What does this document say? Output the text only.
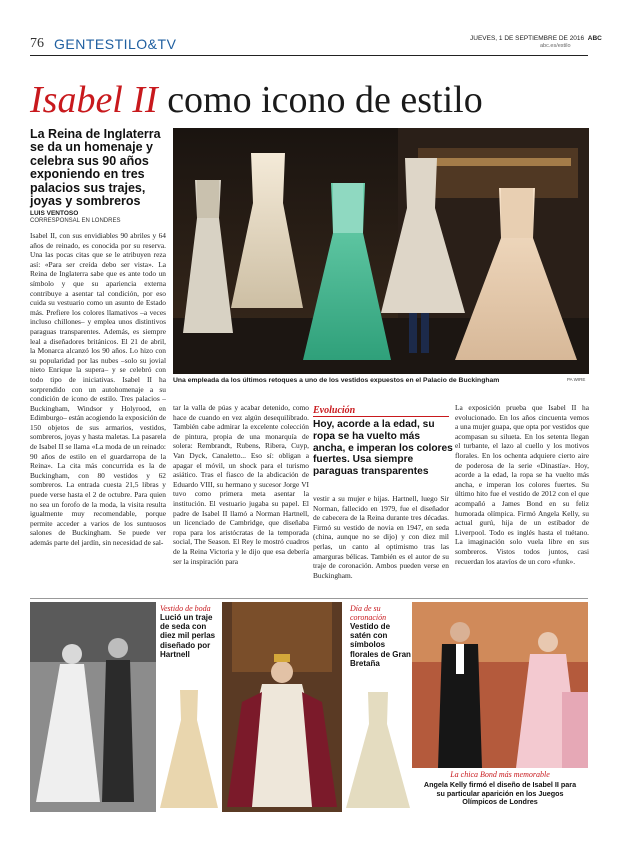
76 GENTESTILO&TV	JUEVES, 1 DE SEPTIEMBRE DE 2016 ABC
abc.es/estilo
Isabel II como icono de estilo
La Reina de Inglaterra se da un homenaje y celebra sus 90 años exponiendo en tres palacios sus trajes, joyas y sombreros
LUIS VENTOSO
CORRESPONSAL EN LONDRES
Una empleada da los últimos retoques a uno de los vestidos expuestos en el Palacio de Buckingham	PA WIRE
Isabel II, con sus envidiables 90 abriles y 64 años de reinado, es conocida por su reserva. Una las pocas citas que se le atribuyen reza así: «Para ser creída debo ser vista». La Reina de Inglaterra sabe que es ante todo un símbolo y que su apariencia externa contribuye a asentar tal condición, por eso cuida su vestuario como un asunto de Estado más. Prefiere los colores llamativos –a veces incluso chillones– y emplea unos distintivos paraguas transparentes. Además, es siempre leal a diseñadores británicos. El 21 de abril, la Monarca alcanzó los 90 años. Lo hizo con su popularidad por las nubes –solo su jovial nieto Enrique la supera– y se celebró con todo tipo de iniciativas. Isabel II ha sorprendido con un autohomenaje a su condición de icono de estilo. Tres palacios –Buckingham, Windsor y Holyrood, en Edimburgo– están acogiendo la exposición de 150 objetos de sus armarios, vestidos, sombreros, joyas y hasta maletas. La pasarela de Isabel II se llama «La moda de un reinado: 90 años de estilo en el guardarropa de la Reina». La cita más concurrida es la de Buckingham, con 80 vestidos y 62 sombreros. La entrada cuesta 21,5 libras y puede verse hasta el 2 de octubre. Para quien no sea un forofo de la moda, la visita resulta igualmente muy recomendable, porque permite acceder a varios de los suntuosos salones de Buckingham. Se puede ver además parte del jardín, sin necesidad de sal-
tar la valla de púas y acabar detenido, como hace de cuando en vez algún desequilibrado. También cabe admirar la excelente colección de pintura, propia de una monarquía de solera: Rembrandt, Rubens, Ribera, Cuyp, Van Dyck, Canaletto... Eso sí: obligan a apagar el móvil, un shock para el turismo asiático. Tras el fiasco de la abdicación de Eduardo VIII, su hermano y sucesor Jorge VI tuvo como primera meta asentar la institución. El vestuario jugaba su papel. El padre de Isabel II llamó a Norman Hartnell, un licenciado de Cambridge, que diseñaba ropa para los aristócratas de la temporada social, The Season. El Rey le mostró cuadros de la Reina Victoria y le dijo que esa debería ser la inspiración para
vestir a su mujer e hijas. Hartnell, luego Sir Norman, fallecido en 1979, fue el diseñador de cabecera de la Reina durante tres décadas. Firmó su vestido de novia en 1947, en seda (china, aunque no se dijo) y con diez mil perlas, un canto al optimismo tras las amarguras bélicas. También es el autor de su traje de coronación. Ambos pueden verse en Buckingham.
La exposición prueba que Isabel II ha evolucionado. En los años cincuenta vemos a una mujer guapa, que opta por vestidos que acompasan su silueta. En los setenta llegan el turbante, el lazo al cuello y los motivos florales. En los ochenta adquiere cierto aire de poderosa de la serie «Dinastía». Hoy, acorde a la edad, la ropa se ha vuelto más ancha, e imperan los colores fuertes. Su último hito fue el vestido de 2012 con el que acompañó a James Bond en su feliz humorada olímpica. Firmó Angela Kelly, su actual gurú, hija de un estibador de Liverpool. Todo es inglés hasta el tuétano. La imaginación solo vuela libre en sus sombreros. Vistos todos juntos, casi recuerdan los atavíos de un coro «funk».
Evolución
Hoy, acorde a la edad, su ropa se ha vuelto más ancha, e imperan los colores fuertes. Usa siempre paraguas transparentes
Vestido de boda
Lució un traje de seda con diez mil perlas diseñado por Hartnell
Día de su coronación
Vestido de satén con símbolos florales de Gran Bretaña
La chica Bond más memorable
Angela Kelly firmó el diseño de Isabel II para su particular aparición en los Juegos Olímpicos de Londres
